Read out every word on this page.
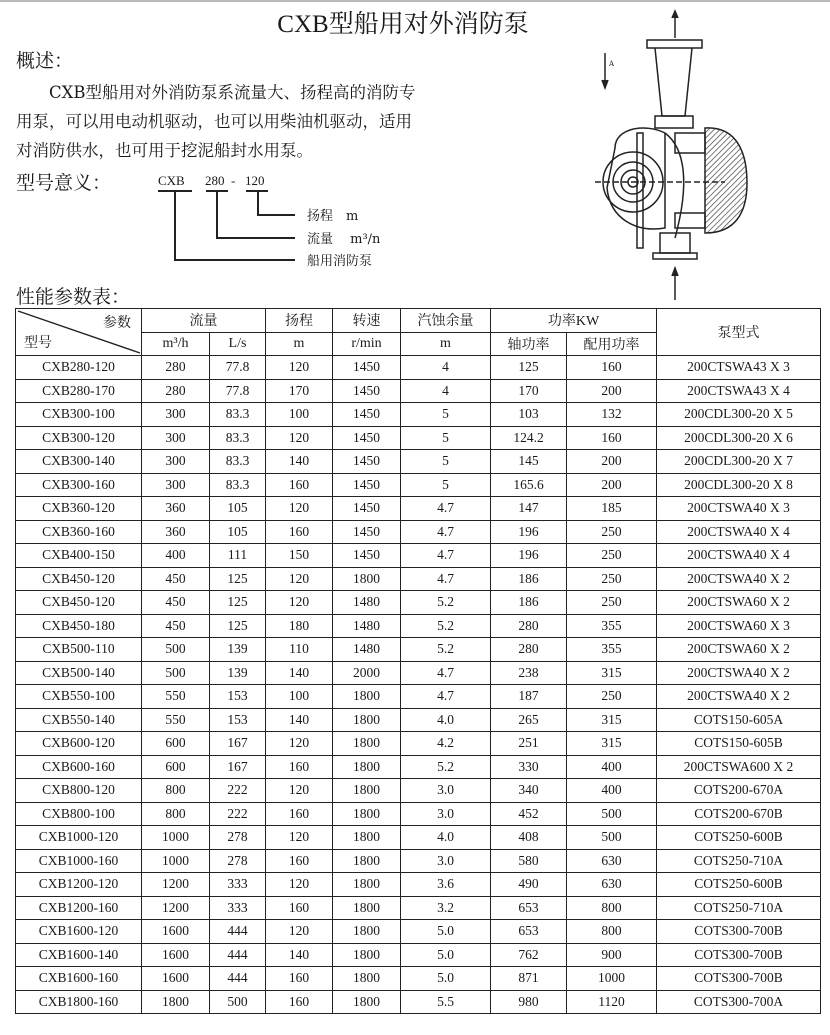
CXB型船用对外消防泵
概述：

　　CXB型船用对外消防泵系流量大、扬程高的消防专

用泵，可以用电动机驱动，也可以用柴油机驱动，适用

对消防供水，也可用于挖泥船封水用泵。

型号意义：	CXB 280 - 120
扬程　m
流量　 m³/n
船用消防泵
A
性能参数表：
参数
型号	流量		扬程	转速	汽蚀余量	功率KW		泵型式
	m³/h	L/s	m	r/min	m	轴功率	配用功率	
CXB280-120	280	77.8	120	1450	4	125	160	200CTSWA43 X 3
CXB280-170	280	77.8	170	1450	4	170	200	200CTSWA43 X 4
CXB300-100	300	83.3	100	1450	5	103	132	200CDL300-20 X 5
CXB300-120	300	83.3	120	1450	5	124.2	160	200CDL300-20 X 6
CXB300-140	300	83.3	140	1450	5	145	200	200CDL300-20 X 7
CXB300-160	300	83.3	160	1450	5	165.6	200	200CDL300-20 X 8
CXB360-120	360	105	120	1450	4.7	147	185	200CTSWA40 X 3
CXB360-160	360	105	160	1450	4.7	196	250	200CTSWA40 X 4
CXB400-150	400	111	150	1450	4.7	196	250	200CTSWA40 X 4
CXB450-120	450	125	120	1800	4.7	186	250	200CTSWA40 X 2
CXB450-120	450	125	120	1480	5.2	186	250	200CTSWA60 X 2
CXB450-180	450	125	180	1480	5.2	280	355	200CTSWA60 X 3
CXB500-110	500	139	110	1480	5.2	280	355	200CTSWA60 X 2
CXB500-140	500	139	140	2000	4.7	238	315	200CTSWA40 X 2
CXB550-100	550	153	100	1800	4.7	187	250	200CTSWA40 X 2
CXB550-140	550	153	140	1800	4.0	265	315	COTS150-605A
CXB600-120	600	167	120	1800	4.2	251	315	COTS150-605B
CXB600-160	600	167	160	1800	5.2	330	400	200CTSWA600 X 2
CXB800-120	800	222	120	1800	3.0	340	400	COTS200-670A
CXB800-100	800	222	160	1800	3.0	452	500	COTS200-670B
CXB1000-120	1000	278	120	1800	4.0	408	500	COTS250-600B
CXB1000-160	1000	278	160	1800	3.0	580	630	COTS250-710A
CXB1200-120	1200	333	120	1800	3.6	490	630	COTS250-600B
CXB1200-160	1200	333	160	1800	3.2	653	800	COTS250-710A
CXB1600-120	1600	444	120	1800	5.0	653	800	COTS300-700B
CXB1600-140	1600	444	140	1800	5.0	762	900	COTS300-700B
CXB1600-160	1600	444	160	1800	5.0	871	1000	COTS300-700B
CXB1800-160	1800	500	160	1800	5.5	980	1120	COTS300-700A
